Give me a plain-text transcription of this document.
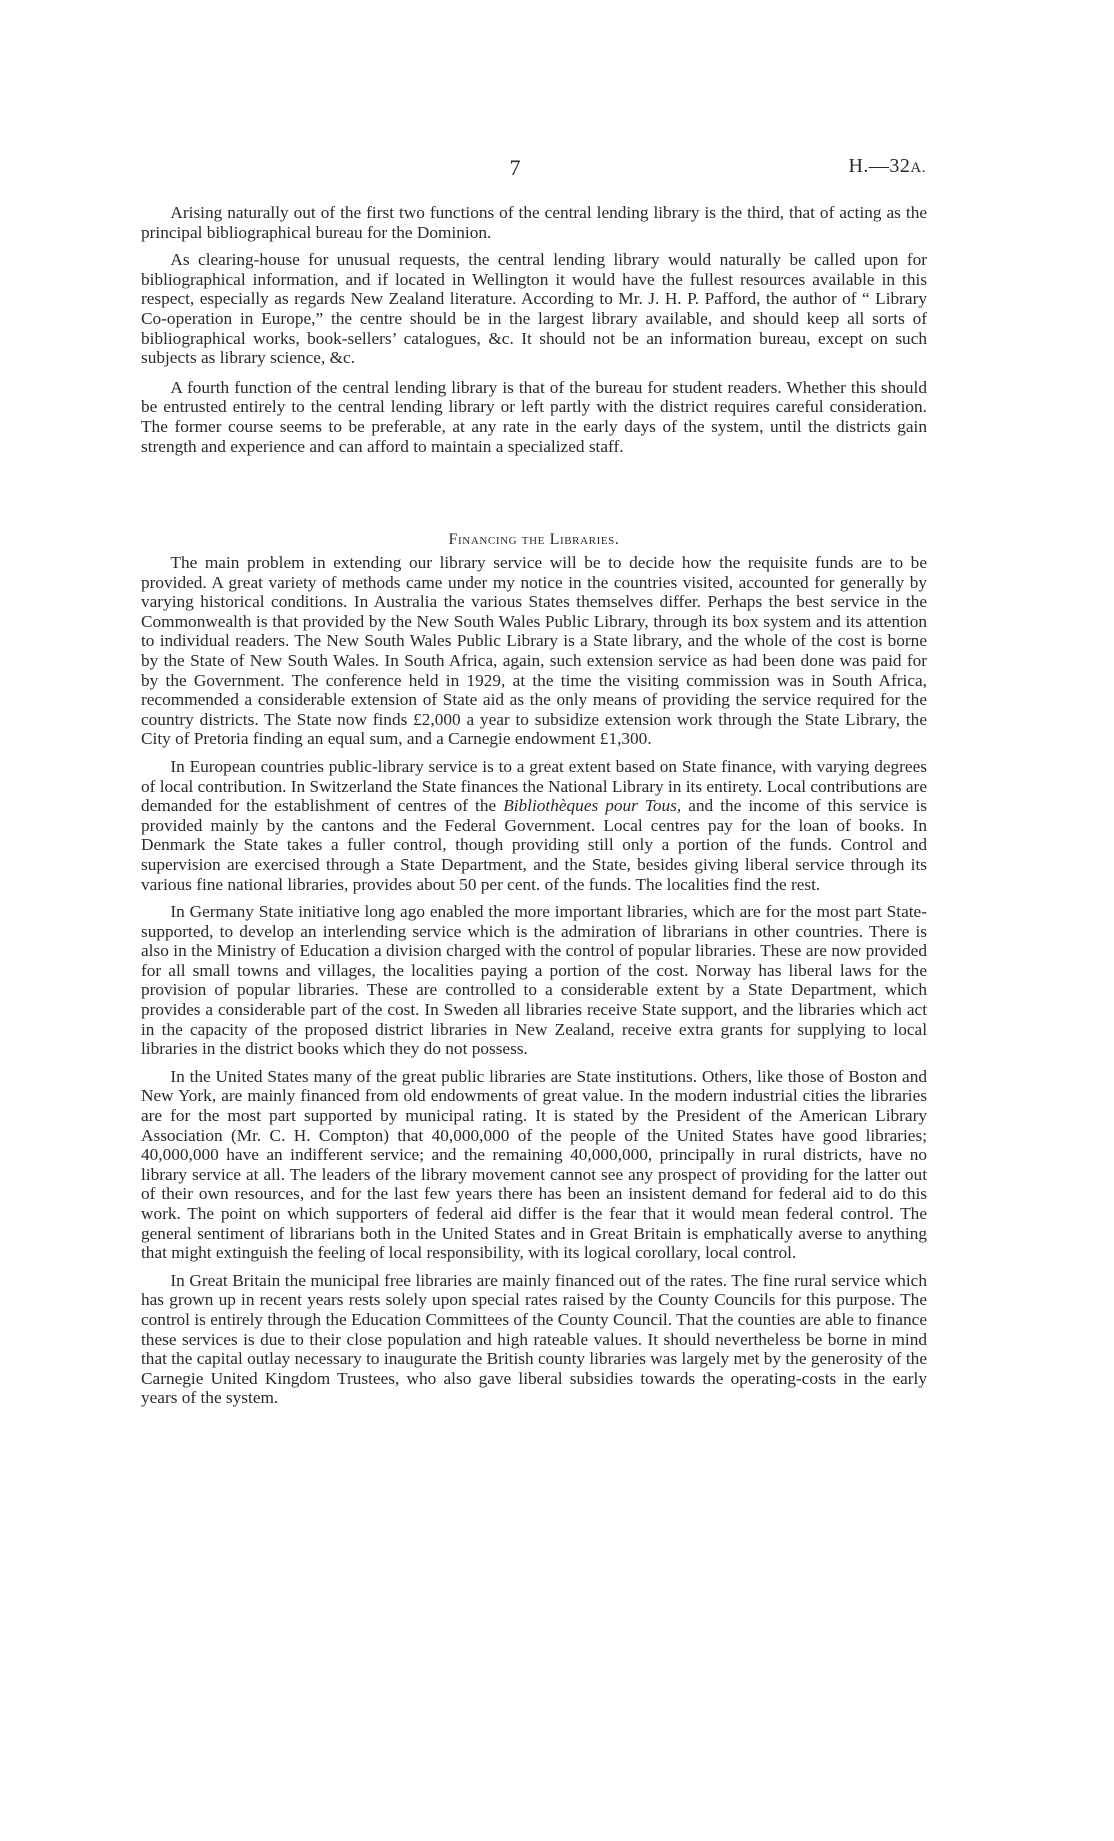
7	H.—32A.

Arising naturally out of the first two functions of the central lending library is the third, that of acting as the principal bibliographical bureau for the Dominion.

As clearing-house for unusual requests, the central lending library would naturally be called upon for bibliographical information, and if located in Wellington it would have the fullest resources available in this respect, especially as regards New Zealand literature. According to Mr. J. H. P. Pafford, the author of “ Library Co-operation in Europe,” the centre should be in the largest library available, and should keep all sorts of bibliographical works, book-sellers’ catalogues, &c. It should not be an information bureau, except on such subjects as library science, &c.

A fourth function of the central lending library is that of the bureau for student readers. Whether this should be entrusted entirely to the central lending library or left partly with the district requires careful consideration. The former course seems to be preferable, at any rate in the early days of the system, until the districts gain strength and experience and can afford to maintain a specialized staff.

Financing the Libraries.

The main problem in extending our library service will be to decide how the requisite funds are to be provided. A great variety of methods came under my notice in the countries visited, accounted for generally by varying historical conditions. In Australia the various States themselves differ. Perhaps the best service in the Commonwealth is that provided by the New South Wales Public Library, through its box system and its attention to individual readers. The New South Wales Public Library is a State library, and the whole of the cost is borne by the State of New South Wales. In South Africa, again, such extension service as had been done was paid for by the Government. The conference held in 1929, at the time the visiting commission was in South Africa, recommended a considerable extension of State aid as the only means of providing the service required for the country districts. The State now finds £2,000 a year to subsidize extension work through the State Library, the City of Pretoria finding an equal sum, and a Carnegie endowment £1,300.

In European countries public-library service is to a great extent based on State finance, with varying degrees of local contribution. In Switzerland the State finances the National Library in its entirety. Local contributions are demanded for the establishment of centres of the Bibliothèques pour Tous, and the income of this service is provided mainly by the cantons and the Federal Government. Local centres pay for the loan of books. In Denmark the State takes a fuller control, though providing still only a portion of the funds. Control and supervision are exercised through a State Department, and the State, besides giving liberal service through its various fine national libraries, provides about 50 per cent. of the funds. The localities find the rest.

In Germany State initiative long ago enabled the more important libraries, which are for the most part State-supported, to develop an interlending service which is the admiration of librarians in other countries. There is also in the Ministry of Education a division charged with the control of popular libraries. These are now provided for all small towns and villages, the localities paying a portion of the cost. Norway has liberal laws for the provision of popular libraries. These are controlled to a considerable extent by a State Department, which provides a considerable part of the cost. In Sweden all libraries receive State support, and the libraries which act in the capacity of the proposed district libraries in New Zealand, receive extra grants for supplying to local libraries in the district books which they do not possess.

In the United States many of the great public libraries are State institutions. Others, like those of Boston and New York, are mainly financed from old endowments of great value. In the modern industrial cities the libraries are for the most part supported by municipal rating. It is stated by the President of the American Library Association (Mr. C. H. Compton) that 40,000,000 of the people of the United States have good libraries; 40,000,000 have an indifferent service; and the remaining 40,000,000, principally in rural districts, have no library service at all. The leaders of the library movement cannot see any prospect of providing for the latter out of their own resources, and for the last few years there has been an insistent demand for federal aid to do this work. The point on which supporters of federal aid differ is the fear that it would mean federal control. The general sentiment of librarians both in the United States and in Great Britain is emphatically averse to anything that might extinguish the feeling of local responsibility, with its logical corollary, local control.

In Great Britain the municipal free libraries are mainly financed out of the rates. The fine rural service which has grown up in recent years rests solely upon special rates raised by the County Councils for this purpose. The control is entirely through the Education Committees of the County Council. That the counties are able to finance these services is due to their close population and high rateable values. It should nevertheless be borne in mind that the capital outlay necessary to inaugurate the British county libraries was largely met by the generosity of the Carnegie United Kingdom Trustees, who also gave liberal subsidies towards the operating-costs in the early years of the system.
